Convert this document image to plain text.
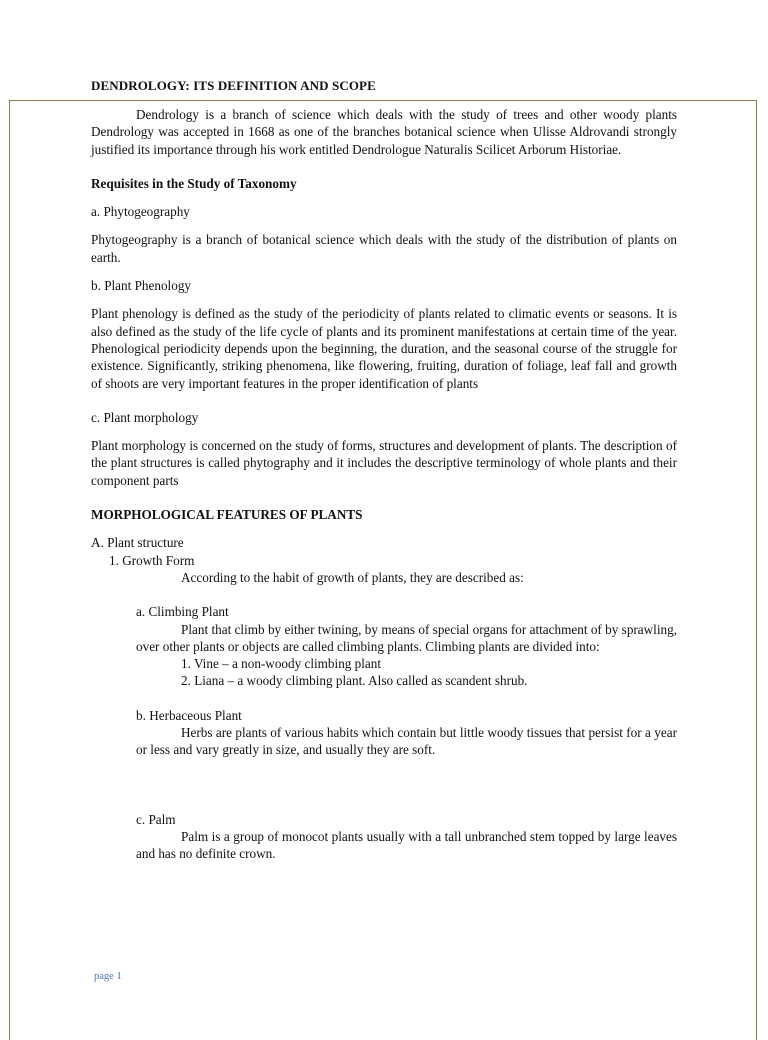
DENDROLOGY: ITS DEFINITION AND SCOPE

Dendrology is a branch of science which deals with the study of trees and other woody plants Dendrology was accepted in 1668 as one of the branches botanical science when Ulisse Aldrovandi strongly justified its importance through his work entitled Dendrologue Naturalis Scilicet Arborum Historiae.

Requisites in the Study of Taxonomy

a. Phytogeography

Phytogeography is a branch of botanical science which deals with the study of the distribution of plants on earth.

b. Plant Phenology

Plant phenology is defined as the study of the periodicity of plants related to climatic events or seasons. It is also defined as the study of the life cycle of plants and its prominent manifestations at certain time of the year. Phenological periodicity depends upon the beginning, the duration, and the seasonal course of the struggle for existence. Significantly, striking phenomena, like flowering, fruiting, duration of foliage, leaf fall and growth of shoots are very important features in the proper identification of plants

c. Plant morphology

Plant morphology is concerned on the study of forms, structures and development of plants. The description of the plant structures is called phytography and it includes the descriptive terminology of whole plants and their component parts

MORPHOLOGICAL FEATURES OF PLANTS

A. Plant structure

1. Growth Form

According to the habit of growth of plants, they are described as:

a. Climbing Plant

Plant that climb by either twining, by means of special organs for attachment of by sprawling, over other plants or objects are called climbing plants. Climbing plants are divided into:

1. Vine – a non-woody climbing plant

2. Liana – a woody climbing plant. Also called as scandent shrub.

b. Herbaceous Plant

Herbs are plants of various habits which contain but little woody tissues that persist for a year or less and vary greatly in size, and usually they are soft.

c. Palm

Palm is a group of monocot plants usually with a tall unbranched stem topped by large leaves and has no definite crown.

page 1
